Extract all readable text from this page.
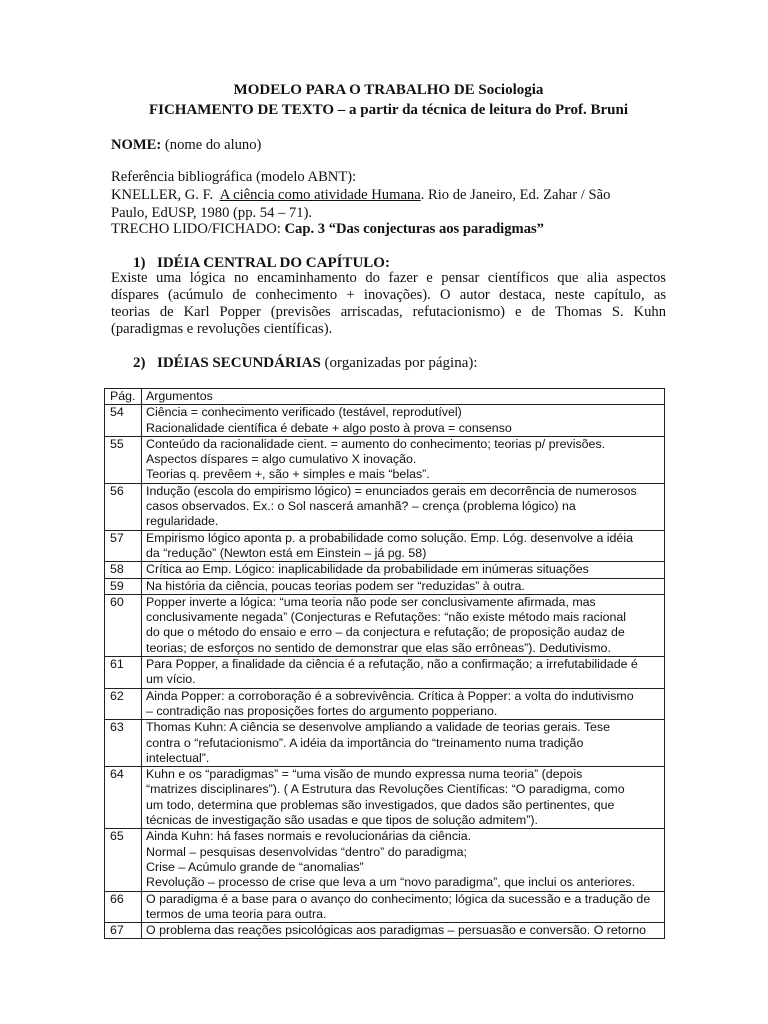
MODELO PARA O TRABALHO DE Sociologia
FICHAMENTO DE TEXTO – a partir da técnica de leitura do Prof. Bruni
NOME: (nome do aluno)
Referência bibliográfica (modelo ABNT):
KNELLER, G. F. A ciência como atividade Humana. Rio de Janeiro, Ed. Zahar / São
Paulo, EdUSP, 1980 (pp. 54 – 71).
TRECHO LIDO/FICHADO: Cap. 3 “Das conjecturas aos paradigmas”
1) IDÉIA CENTRAL DO CAPÍTULO:
Existe uma lógica no encaminhamento do fazer e pensar científicos que alia aspectos
díspares (acúmulo de conhecimento + inovações). O autor destaca, neste capítulo, as
teorias de Karl Popper (previsões arriscadas, refutacionismo) e de Thomas S. Kuhn
(paradigmas e revoluções científicas).
2) IDÉIAS SECUNDÁRIAS (organizadas por página):
Pág.	Argumentos
54	Ciência = conhecimento verificado (testável, reprodutível)
Racionalidade científica é debate + algo posto à prova = consenso

55	Conteúdo da racionalidade cient. = aumento do conhecimento; teorias p/ previsões.
Aspectos díspares = algo cumulativo X inovação.
Teorias q. prevêem +, são + simples e mais “belas”.

56	Indução (escola do empirismo lógico) = enunciados gerais em decorrência de numerosos
casos observados. Ex.: o Sol nascerá amanhã? – crença (problema lógico) na
regularidade.

57	Empirismo lógico aponta p. a probabilidade como solução. Emp. Lóg. desenvolve a idéia
da “redução” (Newton está em Einstein – já pg. 58)

58	Crítica ao Emp. Lógico: inaplicabilidade da probabilidade em inúmeras situações

59	Na história da ciência, poucas teorias podem ser “reduzidas” à outra.

60	Popper inverte a lógica: “uma teoria não pode ser conclusivamente afirmada, mas
conclusivamente negada” (Conjecturas e Refutações: “não existe método mais racional
do que o método do ensaio e erro – da conjectura e refutação; de proposição audaz de
teorias; de esforços no sentido de demonstrar que elas são errôneas”). Dedutivismo.

61	Para Popper, a finalidade da ciência é a refutação, não a confirmação; a irrefutabilidade é
um vício.

62	Ainda Popper: a corroboração é a sobrevivência. Crítica à Popper: a volta do indutivismo
– contradição nas proposições fortes do argumento popperiano.

63	Thomas Kuhn: A ciência se desenvolve ampliando a validade de teorias gerais. Tese
contra o “refutacionismo”. A idéia da importância do “treinamento numa tradição
intelectual”.

64	Kuhn e os “paradigmas” = “uma visão de mundo expressa numa teoria” (depois
“matrizes disciplinares”). ( A Estrutura das Revoluções Científicas: “O paradigma, como
um todo, determina que problemas são investigados, que dados são pertinentes, que
técnicas de investigação são usadas e que tipos de solução admitem”).

65	Ainda Kuhn: há fases normais e revolucionárias da ciência.
Normal – pesquisas desenvolvidas “dentro” do paradigma;
Crise – Acúmulo grande de “anomalias”
Revolução – processo de crise que leva a um “novo paradigma”, que inclui os anteriores.

66	O paradigma é a base para o avanço do conhecimento; lógica da sucessão e a tradução de
termos de uma teoria para outra.

67	O problema das reações psicológicas aos paradigmas – persuasão e conversão. O retorno
